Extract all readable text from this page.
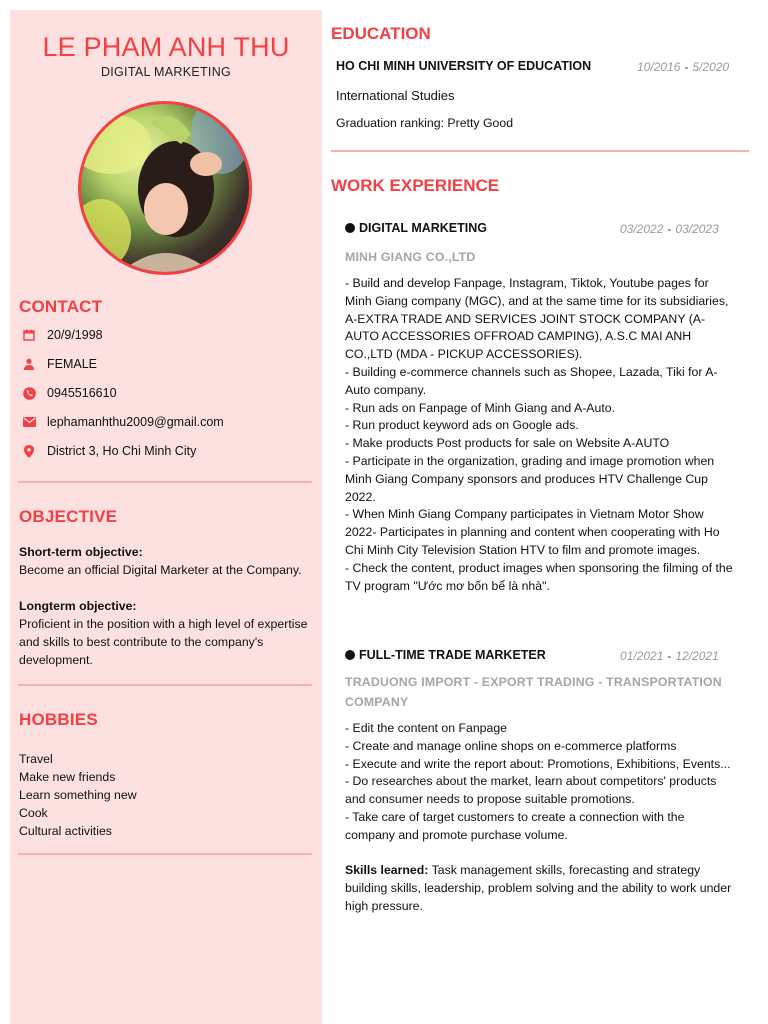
LE PHAM ANH THU
DIGITAL MARKETING
CONTACT
20/9/1998
FEMALE
0945516610
lephamanhthu2009@gmail.com
District 3, Ho Chi Minh City
OBJECTIVE
Short-term objective:
Become an official Digital Marketer at the Company.
Longterm objective:
Proficient in the position with a high level of expertise and skills to best contribute to the company's development.
HOBBIES
Travel
Make new friends
Learn something new
Cook
Cultural activities
EDUCATION
HO CHI MINH UNIVERSITY OF EDUCATION	10/2016 - 5/2020
International Studies
Graduation ranking: Pretty Good
WORK EXPERIENCE
DIGITAL MARKETING	03/2022 - 03/2023
MINH GIANG CO.,LTD
- Build and develop Fanpage, Instagram, Tiktok, Youtube pages for Minh Giang company (MGC), and at the same time for its subsidiaries, A-EXTRA TRADE AND SERVICES JOINT STOCK COMPANY (A-AUTO ACCESSORIES OFFROAD CAMPING), A.S.C MAI ANH CO.,LTD (MDA - PICKUP ACCESSORIES).
- Building e-commerce channels such as Shopee, Lazada, Tiki for A-Auto company.
- Run ads on Fanpage of Minh Giang and A-Auto.
- Run product keyword ads on Google ads.
- Make products Post products for sale on Website A-AUTO
- Participate in the organization, grading and image promotion when Minh Giang Company sponsors and produces HTV Challenge Cup 2022.
- When Minh Giang Company participates in Vietnam Motor Show 2022- Participates in planning and content when cooperating with Ho Chi Minh City Television Station HTV to film and promote images.
- Check the content, product images when sponsoring the filming of the TV program "Ước mơ bốn bể là nhà".
FULL-TIME TRADE MARKETER	01/2021 - 12/2021
TRADUONG IMPORT - EXPORT TRADING - TRANSPORTATION COMPANY
- Edit the content on Fanpage
- Create and manage online shops on e-commerce platforms
- Execute and write the report about: Promotions, Exhibitions, Events...
- Do researches about the market, learn about competitors' products and consumer needs to propose suitable promotions.
- Take care of target customers to create a connection with the company and promote purchase volume.
Skills learned: Task management skills, forecasting and strategy building skills, leadership, problem solving and the ability to work under high pressure.
